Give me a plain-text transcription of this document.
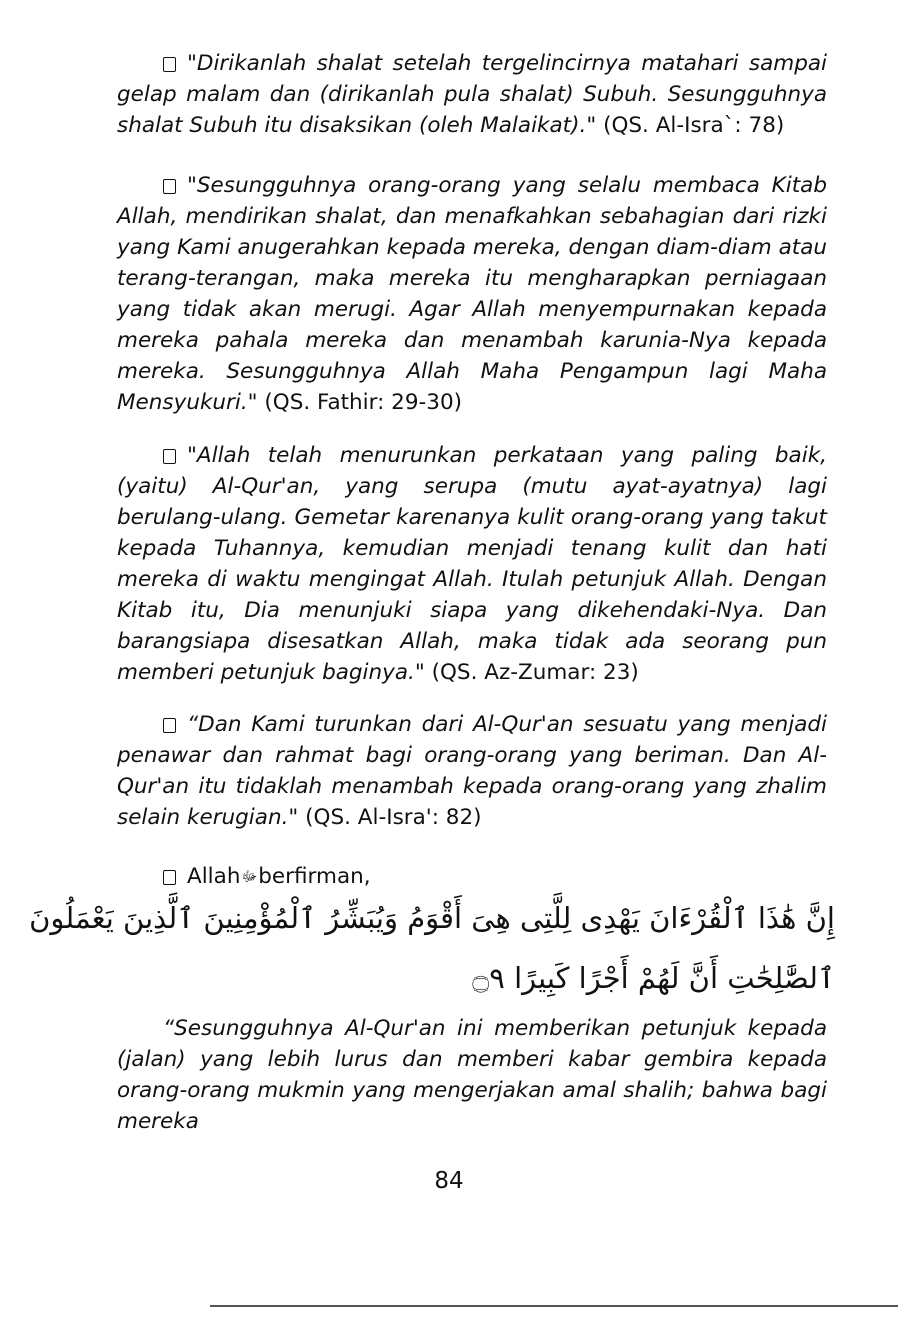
"Dirikanlah shalat setelah tergelincirnya matahari sampai gelap malam dan (dirikanlah pula shalat) Subuh. Sesungguhnya shalat Subuh itu disaksikan (oleh Malaikat)." (QS. Al-Isra`: 78)

"Sesungguhnya orang-orang yang selalu membaca Kitab Allah, mendirikan shalat, dan menafkahkan sebahagian dari rizki yang Kami anugerahkan kepada mereka, dengan diam-diam atau terang-terangan, maka mereka itu mengharapkan perniagaan yang tidak akan merugi. Agar Allah menyempurnakan kepada mereka pahala mereka dan menambah karunia-Nya kepada mereka. Sesungguhnya Allah Maha Pengampun lagi Maha Mensyukuri." (QS. Fathir: 29-30)

"Allah telah menurunkan perkataan yang paling baik, (yaitu) Al-Qur'an, yang serupa (mutu ayat-ayatnya) lagi berulang-ulang. Gemetar karenanya kulit orang-orang yang takut kepada Tuhannya, kemudian menjadi tenang kulit dan hati mereka di waktu mengingat Allah. Itulah petunjuk Allah. Dengan Kitab itu, Dia menunjuki siapa yang dikehendaki-Nya. Dan barangsiapa disesatkan Allah, maka tidak ada seorang pun memberi petunjuk baginya." (QS. Az-Zumar: 23)

“Dan Kami turunkan dari Al-Qur'an sesuatu yang menjadi penawar dan rahmat bagi orang-orang yang beriman. Dan Al-Qur'an itu tidaklah menambah kepada orang-orang yang zhalim selain kerugian." (QS. Al-Isra': 82)

Allahﷻberfirman,

إِنَّ هَٰذَا ٱلْقُرْءَانَ يَهْدِى لِلَّتِى هِىَ أَقْوَمُ وَيُبَشِّرُ ٱلْمُؤْمِنِينَ ٱلَّذِينَ يَعْمَلُونَ
ٱلصَّٰلِحَٰتِ أَنَّ لَهُمْ أَجْرًا كَبِيرًا ۝٩

“Sesungguhnya Al-Qur'an ini memberikan petunjuk kepada (jalan) yang lebih lurus dan memberi kabar gembira kepada orang-orang mukmin yang mengerjakan amal shalih; bahwa bagi mereka

84
